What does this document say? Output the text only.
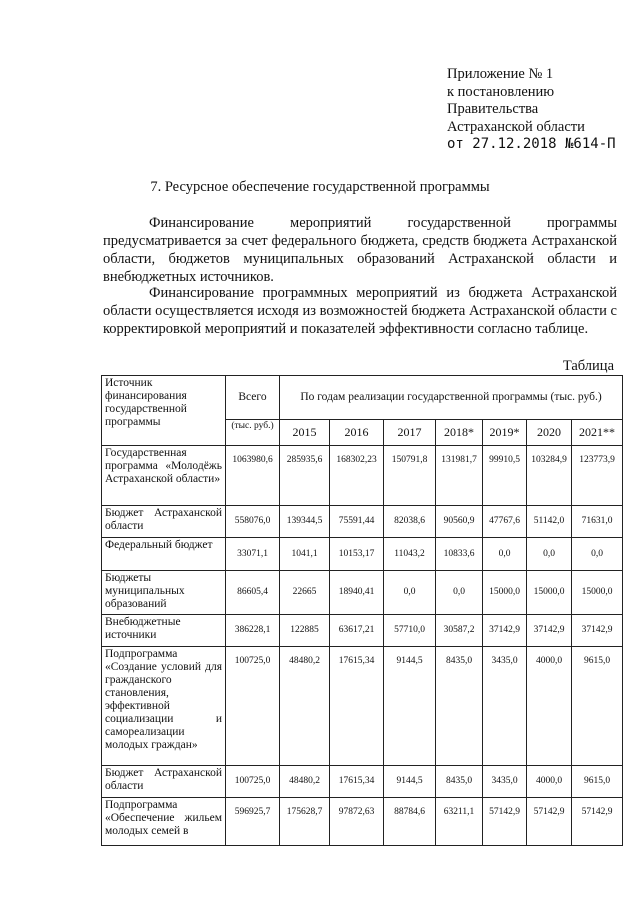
Приложение № 1
к постановлению
Правительства
Астраханской области
от 27.12.2018 №614-П
7. Ресурсное обеспечение государственной программы
Финансирование мероприятий государственной программы предусматривается за счет федерального бюджета, средств бюджета Астраханской области, бюджетов муниципальных образований Астраханской области и внебюджетных источников.
Финансирование программных мероприятий из бюджета Астраханской области осуществляется исходя из возможностей бюджета Астраханской области с корректировкой мероприятий и показателей эффективности согласно таблице.
Таблица
Источник финансирования государственной программы	Всего	По годам реализации государственной программы (тыс. руб.)						
	(тыс. руб.)	2015	2016	2017	2018*	2019*	2020	2021**
Государственная программа «Молодёжь Астраханской области»	1063980,6	285935,6	168302,23	150791,8	131981,7	99910,5	103284,9	123773,9
Бюджет Астраханской области	558076,0	139344,5	75591,44	82038,6	90560,9	47767,6	51142,0	71631,0
Федеральный бюджет	33071,1	1041,1	10153,17	11043,2	10833,6	0,0	0,0	0,0
Бюджеты муниципальных образований	86605,4	22665	18940,41	0,0	0,0	15000,0	15000,0	15000,0
Внебюджетные источники	386228,1	122885	63617,21	57710,0	30587,2	37142,9	37142,9	37142,9
Подпрограмма «Создание условий для гражданского становления, эффективной социализации и самореализации молодых граждан»	100725,0	48480,2	17615,34	9144,5	8435,0	3435,0	4000,0	9615,0
Бюджет Астраханской области	100725,0	48480,2	17615,34	9144,5	8435,0	3435,0	4000,0	9615,0
Подпрограмма «Обеспечение жильем молодых семей в	596925,7	175628,7	97872,63	88784,6	63211,1	57142,9	57142,9	57142,9
